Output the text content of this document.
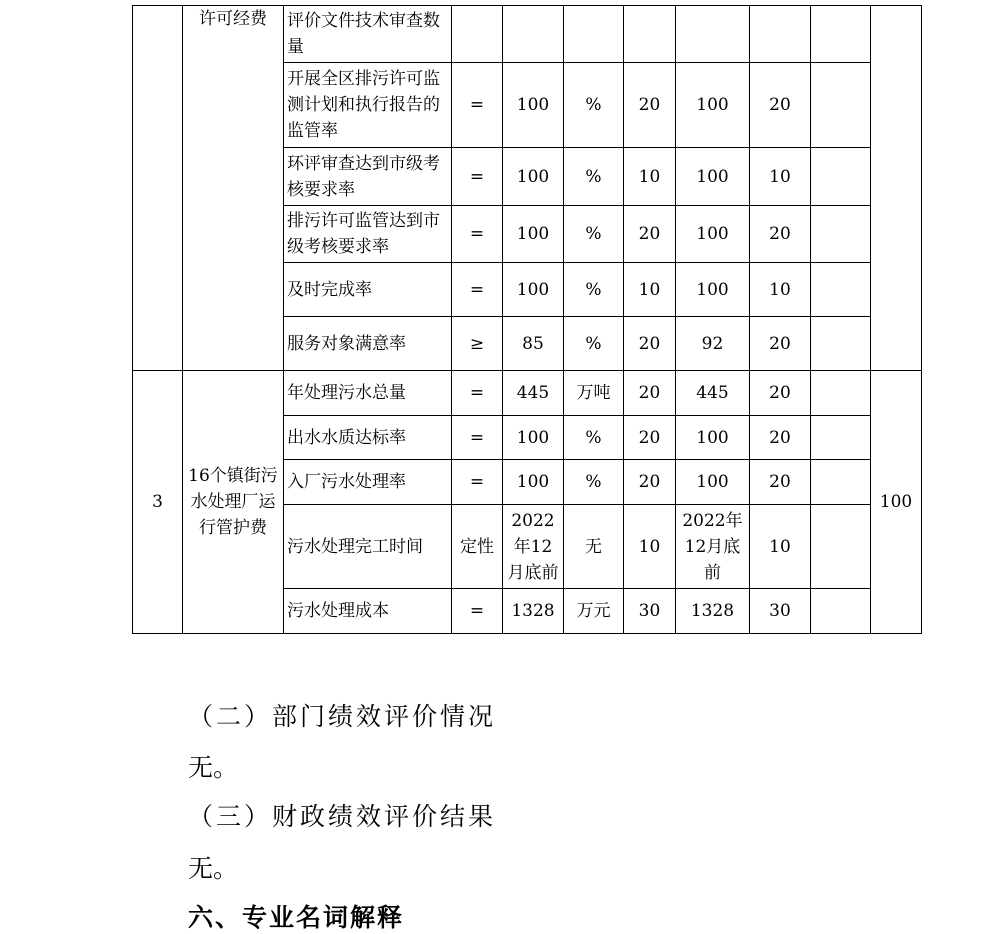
	许可经费	评价文件技术审查数量								
		开展全区排污许可监测计划和执行报告的监管率	=	100	%	20	100	20		
		环评审查达到市级考核要求率	=	100	%	10	100	10		
		排污许可监管达到市级考核要求率	=	100	%	20	100	20		
		及时完成率	=	100	%	10	100	10		
		服务对象满意率	≥	85	%	20	92	20		
3	16个镇街污水处理厂运行管护费	年处理污水总量	=	445	万吨	20	445	20		100
		出水水质达标率	=	100	%	20	100	20		
		入厂污水处理率	=	100	%	20	100	20		
		污水处理完工时间	定性	2022年12月底前	无	10	2022年12月底前	10		
		污水处理成本	=	1328	万元	30	1328	30		
（二）部门绩效评价情况
无。
（三）财政绩效评价结果
无。
六、专业名词解释
